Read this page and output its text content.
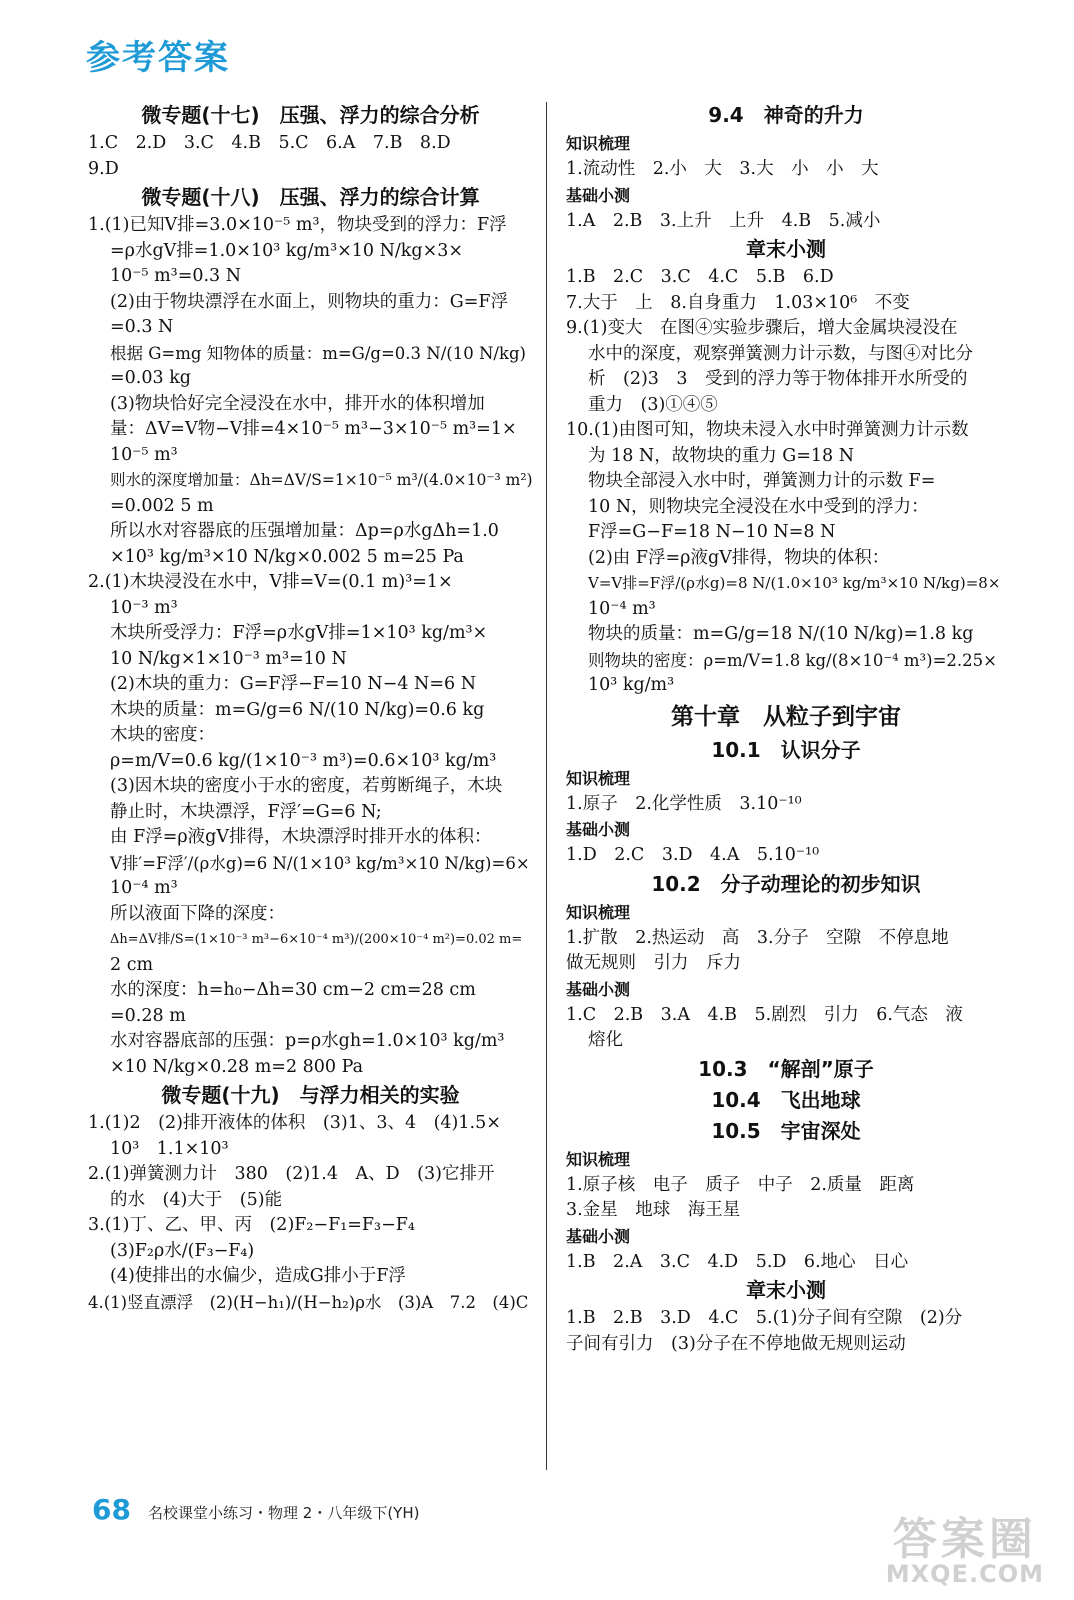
参考答案
微专题(十七)　压强、浮力的综合分析
1.C　2.D　3.C　4.B　5.C　6.A　7.B　8.D
9.D
微专题(十八)　压强、浮力的综合计算
1.(1)已知V排=3.0×10⁻⁵ m³，物块受到的浮力：F浮
=ρ水gV排=1.0×10³ kg/m³×10 N/kg×3×
10⁻⁵ m³=0.3 N
(2)由于物块漂浮在水面上，则物块的重力：G=F浮
=0.3 N
根据 G=mg 知物体的质量：m=G/g=0.3 N/(10 N/kg)
=0.03 kg
(3)物块恰好完全浸没在水中，排开水的体积增加
量：ΔV=V物−V排=4×10⁻⁵ m³−3×10⁻⁵ m³=1×
10⁻⁵ m³
则水的深度增加量：Δh=ΔV/S=1×10⁻⁵ m³/(4.0×10⁻³ m²)
=0.002 5 m
所以水对容器底的压强增加量：Δp=ρ水gΔh=1.0
×10³ kg/m³×10 N/kg×0.002 5 m=25 Pa
2.(1)木块浸没在水中，V排=V=(0.1 m)³=1×
10⁻³ m³
木块所受浮力：F浮=ρ水gV排=1×10³ kg/m³×
10 N/kg×1×10⁻³ m³=10 N
(2)木块的重力：G=F浮−F=10 N−4 N=6 N
木块的质量：m=G/g=6 N/(10 N/kg)=0.6 kg
木块的密度：
ρ=m/V=0.6 kg/(1×10⁻³ m³)=0.6×10³ kg/m³
(3)因木块的密度小于水的密度，若剪断绳子，木块
静止时，木块漂浮，F浮′=G=6 N;
由 F浮=ρ液gV排得，木块漂浮时排开水的体积：
V排′=F浮′/(ρ水g)=6 N/(1×10³ kg/m³×10 N/kg)=6×
10⁻⁴ m³
所以液面下降的深度：
Δh=ΔV排/S=(1×10⁻³ m³−6×10⁻⁴ m³)/(200×10⁻⁴ m²)=0.02 m=
2 cm
水的深度：h=h₀−Δh=30 cm−2 cm=28 cm
=0.28 m
水对容器底部的压强：p=ρ水gh=1.0×10³ kg/m³
×10 N/kg×0.28 m=2 800 Pa
微专题(十九)　与浮力相关的实验
1.(1)2　(2)排开液体的体积　(3)1、3、4　(4)1.5×
10³　1.1×10³
2.(1)弹簧测力计　380　(2)1.4　A、D　(3)它排开
的水　(4)大于　(5)能
3.(1)丁、乙、甲、丙　(2)F₂−F₁=F₃−F₄
(3)F₂ρ水/(F₃−F₄)
(4)使排出的水偏少，造成G排小于F浮
4.(1)竖直漂浮　(2)(H−h₁)/(H−h₂)ρ水　(3)A　7.2　(4)C
9.4　神奇的升力
知识梳理
1.流动性　2.小　大　3.大　小　小　大
基础小测
1.A　2.B　3.上升　上升　4.B　5.减小
章末小测
1.B　2.C　3.C　4.C　5.B　6.D
7.大于　上　8.自身重力　1.03×10⁶　不变
9.(1)变大　在图④实验步骤后，增大金属块浸没在
水中的深度，观察弹簧测力计示数，与图④对比分
析　(2)3　3　受到的浮力等于物体排开水所受的
重力　(3)①④⑤
10.(1)由图可知，物块未浸入水中时弹簧测力计示数
为 18 N，故物块的重力 G=18 N
物块全部浸入水中时，弹簧测力计的示数 F=
10 N，则物块完全浸没在水中受到的浮力：
F浮=G−F=18 N−10 N=8 N
(2)由 F浮=ρ液gV排得，物块的体积：
V=V排=F浮/(ρ水g)=8 N/(1.0×10³ kg/m³×10 N/kg)=8×
10⁻⁴ m³
物块的质量：m=G/g=18 N/(10 N/kg)=1.8 kg
则物块的密度：ρ=m/V=1.8 kg/(8×10⁻⁴ m³)=2.25×
10³ kg/m³
第十章　从粒子到宇宙
10.1　认识分子
知识梳理
1.原子　2.化学性质　3.10⁻¹⁰
基础小测
1.D　2.C　3.D　4.A　5.10⁻¹⁰
10.2　分子动理论的初步知识
知识梳理
1.扩散　2.热运动　高　3.分子　空隙　不停息地
做无规则　引力　斥力
基础小测
1.C　2.B　3.A　4.B　5.剧烈　引力　6.气态　液
熔化
10.3　“解剖”原子
10.4　飞出地球
10.5　宇宙深处
知识梳理
1.原子核　电子　质子　中子　2.质量　距离
3.金星　地球　海王星
基础小测
1.B　2.A　3.C　4.D　5.D　6.地心　日心
章末小测
1.B　2.B　3.D　4.C　5.(1)分子间有空隙　(2)分
子间有引力　(3)分子在不停地做无规则运动
68 名校课堂小练习・物理 2・八年级下(YH)
答案圈
MXQE.COM
